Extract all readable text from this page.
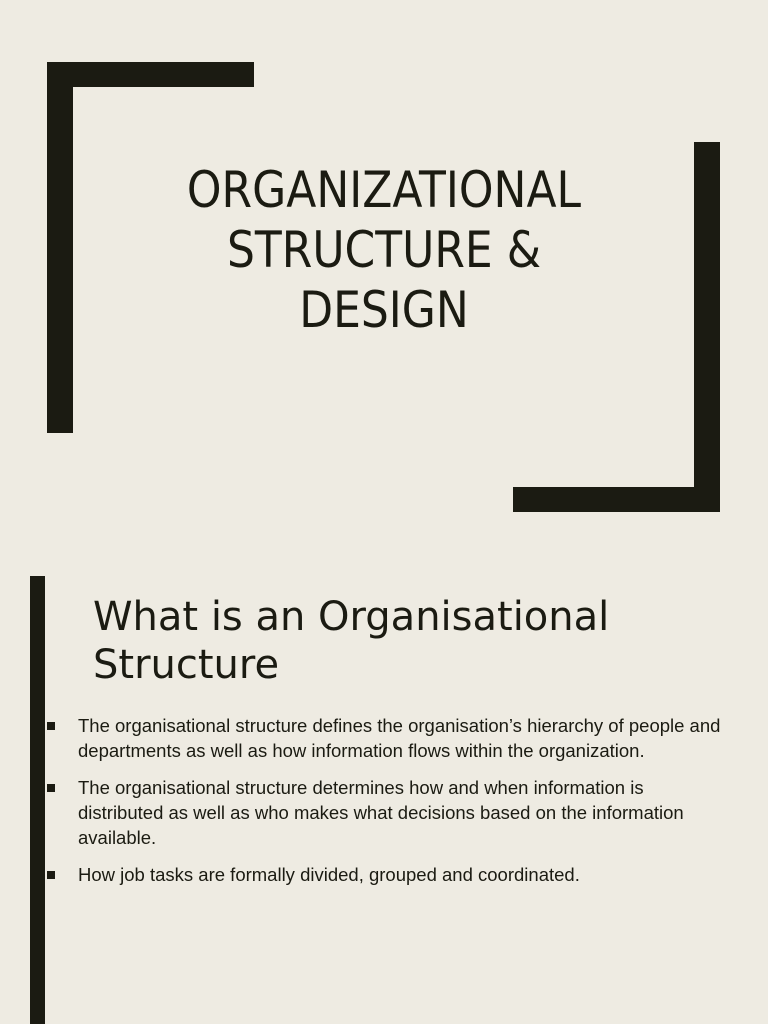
ORGANIZATIONAL STRUCTURE & DESIGN
What is an Organisational Structure
The organisational structure defines the organisation’s hierarchy of people and departments as well as how information flows within the organization.
The organisational structure determines how and when information is distributed as well as who makes what decisions based on the information available.
How job tasks are formally divided, grouped and coordinated.
